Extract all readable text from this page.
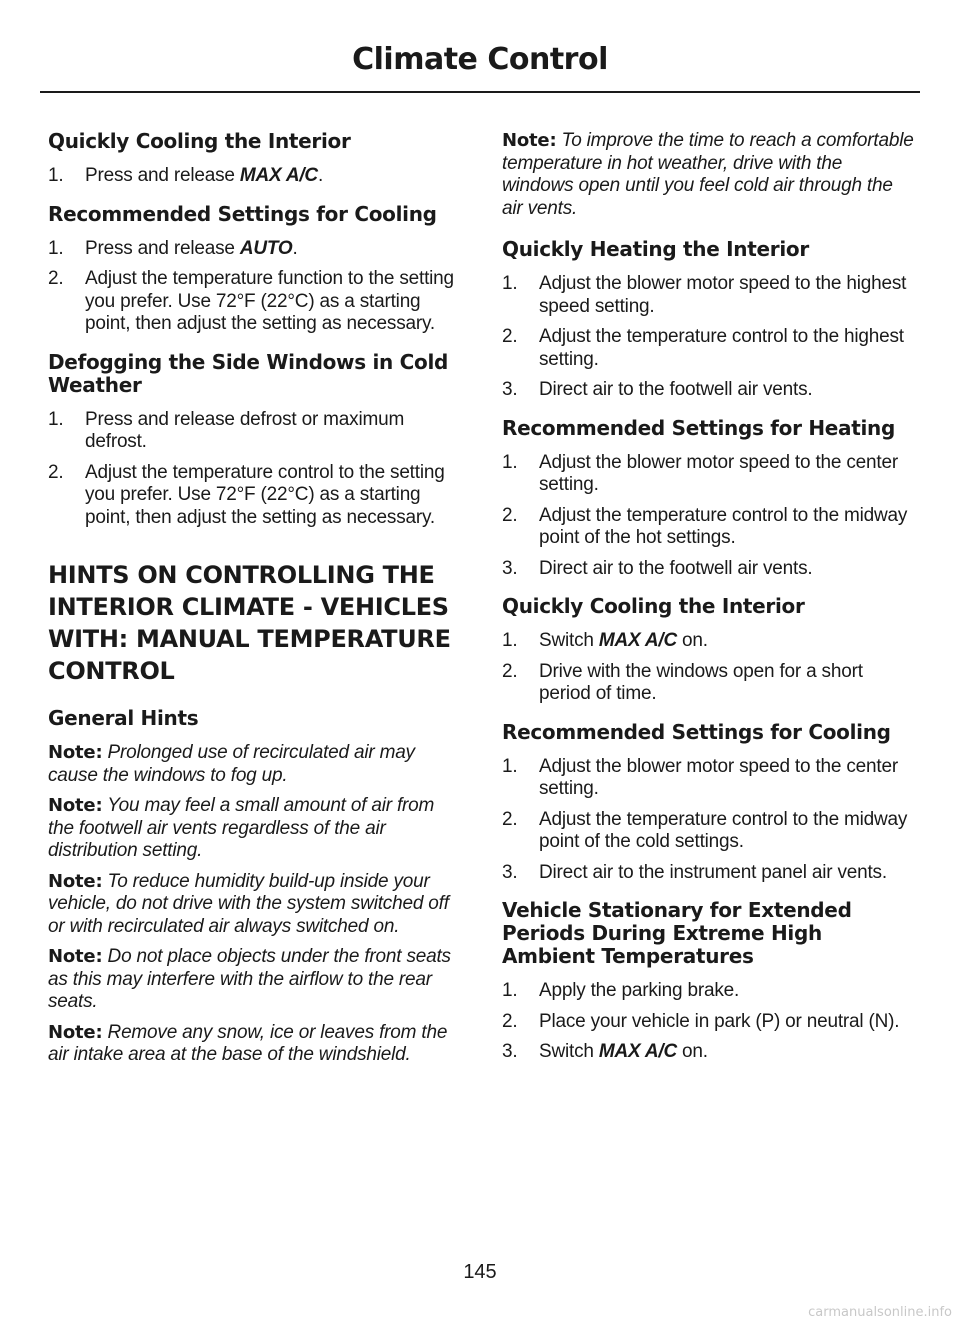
Climate Control
Quickly Cooling the Interior
1. Press and release MAX A/C.
Recommended Settings for Cooling
1. Press and release AUTO.
2. Adjust the temperature function to the setting you prefer. Use 72°F (22°C) as a starting point, then adjust the setting as necessary.
Defogging the Side Windows in Cold Weather
1. Press and release defrost or maximum defrost.
2. Adjust the temperature control to the setting you prefer. Use 72°F (22°C) as a starting point, then adjust the setting as necessary.
HINTS ON CONTROLLING THE INTERIOR CLIMATE - VEHICLES WITH: MANUAL TEMPERATURE CONTROL
General Hints

Note: Prolonged use of recirculated air may cause the windows to fog up.

Note: You may feel a small amount of air from the footwell air vents regardless of the air distribution setting.

Note: To reduce humidity build-up inside your vehicle, do not drive with the system switched off or with recirculated air always switched on.

Note: Do not place objects under the front seats as this may interfere with the airflow to the rear seats.

Note: Remove any snow, ice or leaves from the air intake area at the base of the windshield.

Note: To improve the time to reach a comfortable temperature in hot weather, drive with the windows open until you feel cold air through the air vents.

Quickly Heating the Interior
1. Adjust the blower motor speed to the highest speed setting.
2. Adjust the temperature control to the highest setting.
3. Direct air to the footwell air vents.
Recommended Settings for Heating
1. Adjust the blower motor speed to the center setting.
2. Adjust the temperature control to the midway point of the hot settings.
3. Direct air to the footwell air vents.
Quickly Cooling the Interior
1. Switch MAX A/C on.
2. Drive with the windows open for a short period of time.
Recommended Settings for Cooling
1. Adjust the blower motor speed to the center setting.
2. Adjust the temperature control to the midway point of the cold settings.
3. Direct air to the instrument panel air vents.
Vehicle Stationary for Extended Periods During Extreme High Ambient Temperatures
1. Apply the parking brake.
2. Place your vehicle in park (P) or neutral (N).
3. Switch MAX A/C on.
145
carmanualsonline.info
